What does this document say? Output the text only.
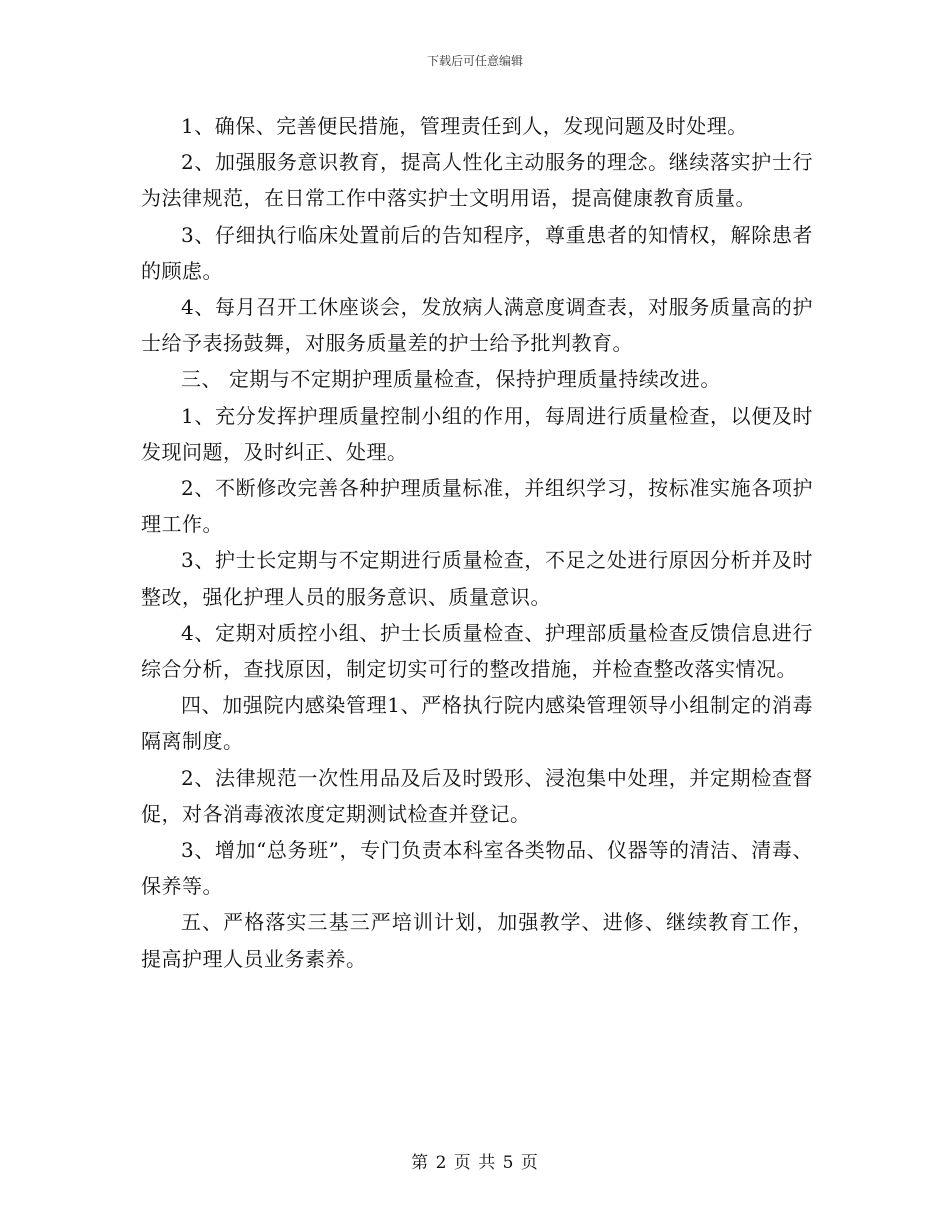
下载后可任意编辑

1、确保、完善便民措施，管理责任到人，发现问题及时处理。

2、加强服务意识教育，提高人性化主动服务的理念。继续落实护士行为法律规范，在日常工作中落实护士文明用语，提高健康教育质量。

3、仔细执行临床处置前后的告知程序，尊重患者的知情权，解除患者的顾虑。

4、每月召开工休座谈会，发放病人满意度调查表，对服务质量高的护士给予表扬鼓舞，对服务质量差的护士给予批判教育。

三、 定期与不定期护理质量检查，保持护理质量持续改进。

1、充分发挥护理质量控制小组的作用，每周进行质量检查，以便及时发现问题，及时纠正、处理。

2、不断修改完善各种护理质量标准，并组织学习，按标准实施各项护理工作。

3、护士长定期与不定期进行质量检查，不足之处进行原因分析并及时整改，强化护理人员的服务意识、质量意识。

4、定期对质控小组、护士长质量检查、护理部质量检查反馈信息进行综合分析，查找原因，制定切实可行的整改措施，并检查整改落实情况。

四、加强院内感染管理1、严格执行院内感染管理领导小组制定的消毒隔离制度。

2、法律规范一次性用品及后及时毁形、浸泡集中处理，并定期检查督促，对各消毒液浓度定期测试检查并登记。

3、增加“总务班”，专门负责本科室各类物品、仪器等的清洁、清毒、保养等。

五、严格落实三基三严培训计划，加强教学、进修、继续教育工作，提高护理人员业务素养。

第 2 页 共 5 页
